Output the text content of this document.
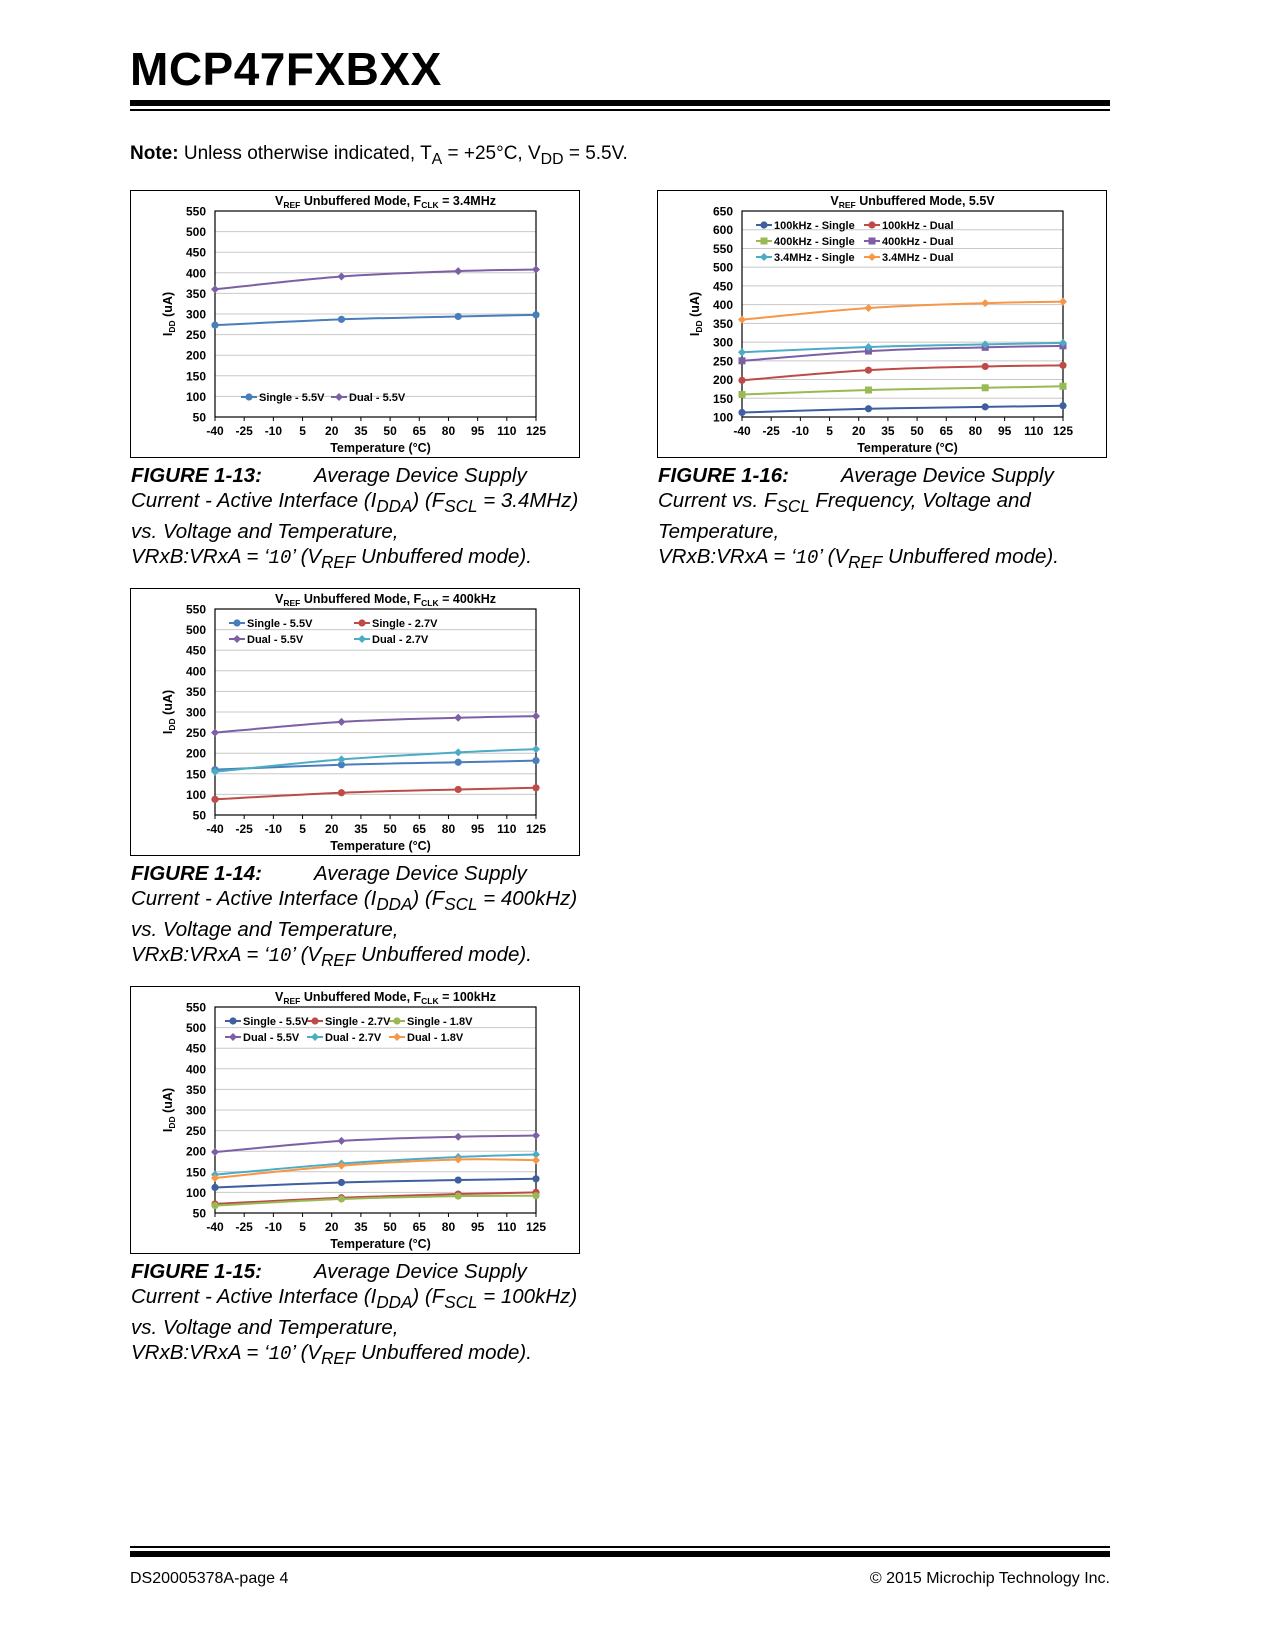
MCP47FXBXX
Note: Unless otherwise indicated, $T_A = +25^\circ C$, $V_{DD} = 5.5V$.
50
100
150
200
250
300
350
400
450
500
550
-40 -25 -10 5 20 35 50 65 80 95 110 125
$V_{REF}$ Unbuffered Mode, $F_{CLK} = 3.4MHz$
Temperature (°C)
$I_{DD}$ (uA)
Single - 5.5V Dual - 5.5V
100
150
200
250
300
350
400
450
500
550
600
650
-40 -25 -10 5 20 35 50 65 80 95 110 125
$V_{REF}$ Unbuffered Mode, 5.5V
Temperature (°C)
$I_{DD}$ (uA)
100kHz - Single 100kHz - Dual
400kHz - Single 400kHz - Dual
3.4MHz - Single 3.4MHz - Dual
50
100
150
200
250
300
350
400
450
500
550
-40 -25 -10 5 20 35 50 65 80 95 110 125
$V_{REF}$ Unbuffered Mode, $F_{CLK} = 400kHz$
Temperature (°C)
$I_{DD}$ (uA)
Single - 5.5V	Single - 2.7V
Dual - 5.5V	Dual - 2.7V
50
100
150
200
250
300
350
400
450
500
550
-40 -25 -10 5 20 35 50 65 80 95 110 125
$V_{REF}$ Unbuffered Mode, $F_{CLK} = 100kHz$
Temperature (°C)
$I_{DD}$ (uA)
Single - 5.5V Single - 2.7V Single - 1.8V
Dual - 5.5V Dual - 2.7V Dual - 1.8V
FIGURE 1-13:	Average Device Supply
Current - Active Interface $(I_{DDA}) (F_{SCL} = 3.4MHz)$
vs. Voltage and Temperature,
VRxB:VRxA = ‘10’ ($V_{REF}$ Unbuffered mode).
FIGURE 1-16:	Average Device Supply
Current vs. $F_{SCL}$ Frequency, Voltage and
Temperature,
VRxB:VRxA = ‘10’ ($V_{REF}$ Unbuffered mode).
FIGURE 1-14:	Average Device Supply
Current - Active Interface $(I_{DDA}) (F_{SCL} = 400kHz)$
vs. Voltage and Temperature,
VRxB:VRxA = ‘10’ ($V_{REF}$ Unbuffered mode).
FIGURE 1-15:	Average Device Supply
Current - Active Interface $(I_{DDA}) (F_{SCL} = 100kHz)$
vs. Voltage and Temperature,
VRxB:VRxA = ‘10’ ($V_{REF}$ Unbuffered mode).
DS20005378A-page 4	© 2015 Microchip Technology Inc.
